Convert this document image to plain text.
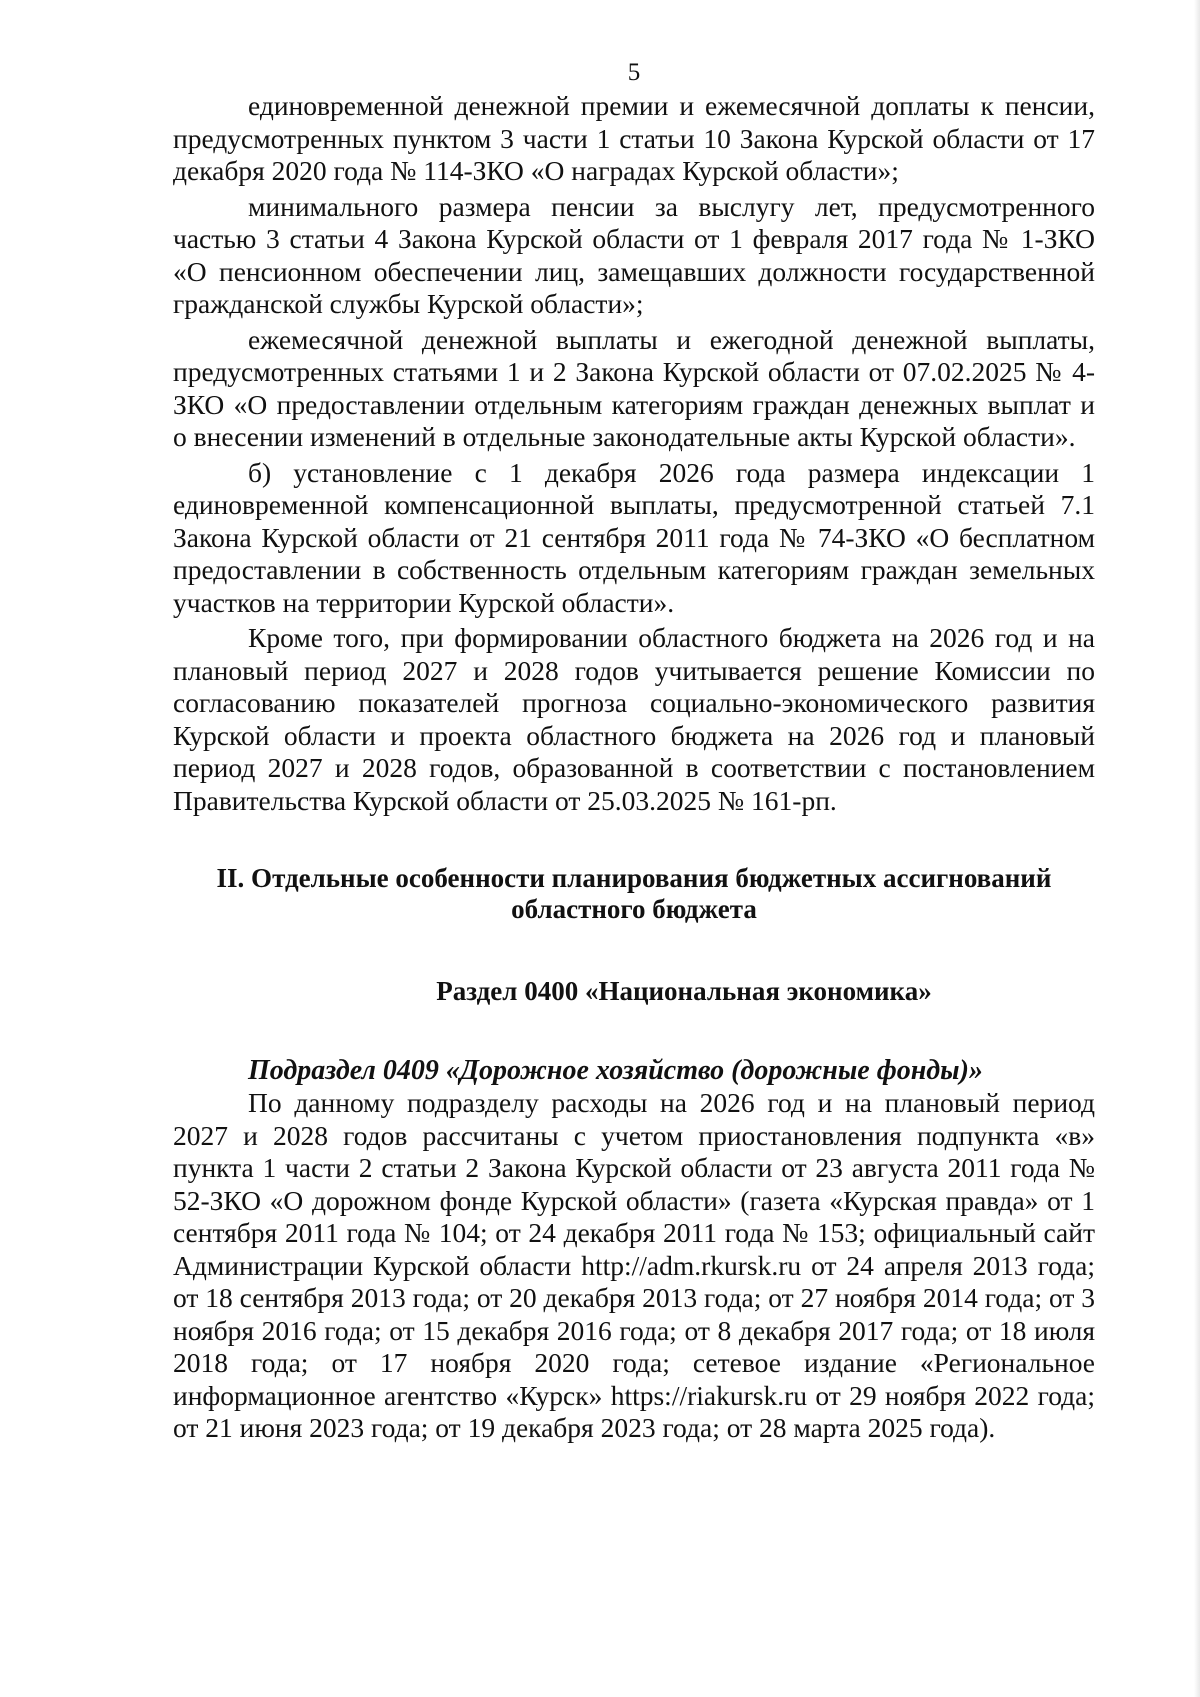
5

единовременной денежной премии и ежемесячной доплаты к пенсии, предусмотренных пунктом 3 части 1 статьи 10 Закона Курской области от 17 декабря 2020 года № 114-ЗКО «О наградах Курской области»;

минимального размера пенсии за выслугу лет, предусмотренного частью 3 статьи 4 Закона Курской области от 1 февраля 2017 года № 1-ЗКО «О пенсионном обеспечении лиц, замещавших должности государственной гражданской службы Курской области»;

ежемесячной денежной выплаты и ежегодной денежной выплаты, предусмотренных статьями 1 и 2 Закона Курской области от 07.02.2025 № 4-ЗКО «О предоставлении отдельным категориям граждан денежных выплат и о внесении изменений в отдельные законодательные акты Курской области».

б) установление с 1 декабря 2026 года размера индексации 1 единовременной компенсационной выплаты, предусмотренной статьей 7.1 Закона Курской области от 21 сентября 2011 года № 74-ЗКО «О бесплатном предоставлении в собственность отдельным категориям граждан земельных участков на территории Курской области».

Кроме того, при формировании областного бюджета на 2026 год и на плановый период 2027 и 2028 годов учитывается решение Комиссии по согласованию показателей прогноза социально-экономического развития Курской области и проекта областного бюджета на 2026 год и плановый период 2027 и 2028 годов, образованной в соответствии с постановлением Правительства Курской области от 25.03.2025 № 161-рп.

II. Отдельные особенности планирования бюджетных ассигнований
областного бюджета
Раздел 0400 «Национальная экономика»
Подраздел 0409 «Дорожное хозяйство (дорожные фонды)»

По данному подразделу расходы на 2026 год и на плановый период 2027 и 2028 годов рассчитаны с учетом приостановления подпункта «в» пункта 1 части 2 статьи 2 Закона Курской области от 23 августа 2011 года № 52-ЗКО «О дорожном фонде Курской области» (газета «Курская правда» от 1 сентября 2011 года № 104; от 24 декабря 2011 года № 153; официальный сайт Администрации Курской области http://adm.rkursk.ru от 24 апреля 2013 года; от 18 сентября 2013 года; от 20 декабря 2013 года; от 27 ноября 2014 года; от 3 ноября 2016 года; от 15 декабря 2016 года; от 8 декабря 2017 года; от 18 июля 2018 года; от 17 ноября 2020 года; сетевое издание «Региональное информационное агентство «Курск» https://riakursk.ru от 29 ноября 2022 года; от 21 июня 2023 года; от 19 декабря 2023 года; от 28 марта 2025 года).
